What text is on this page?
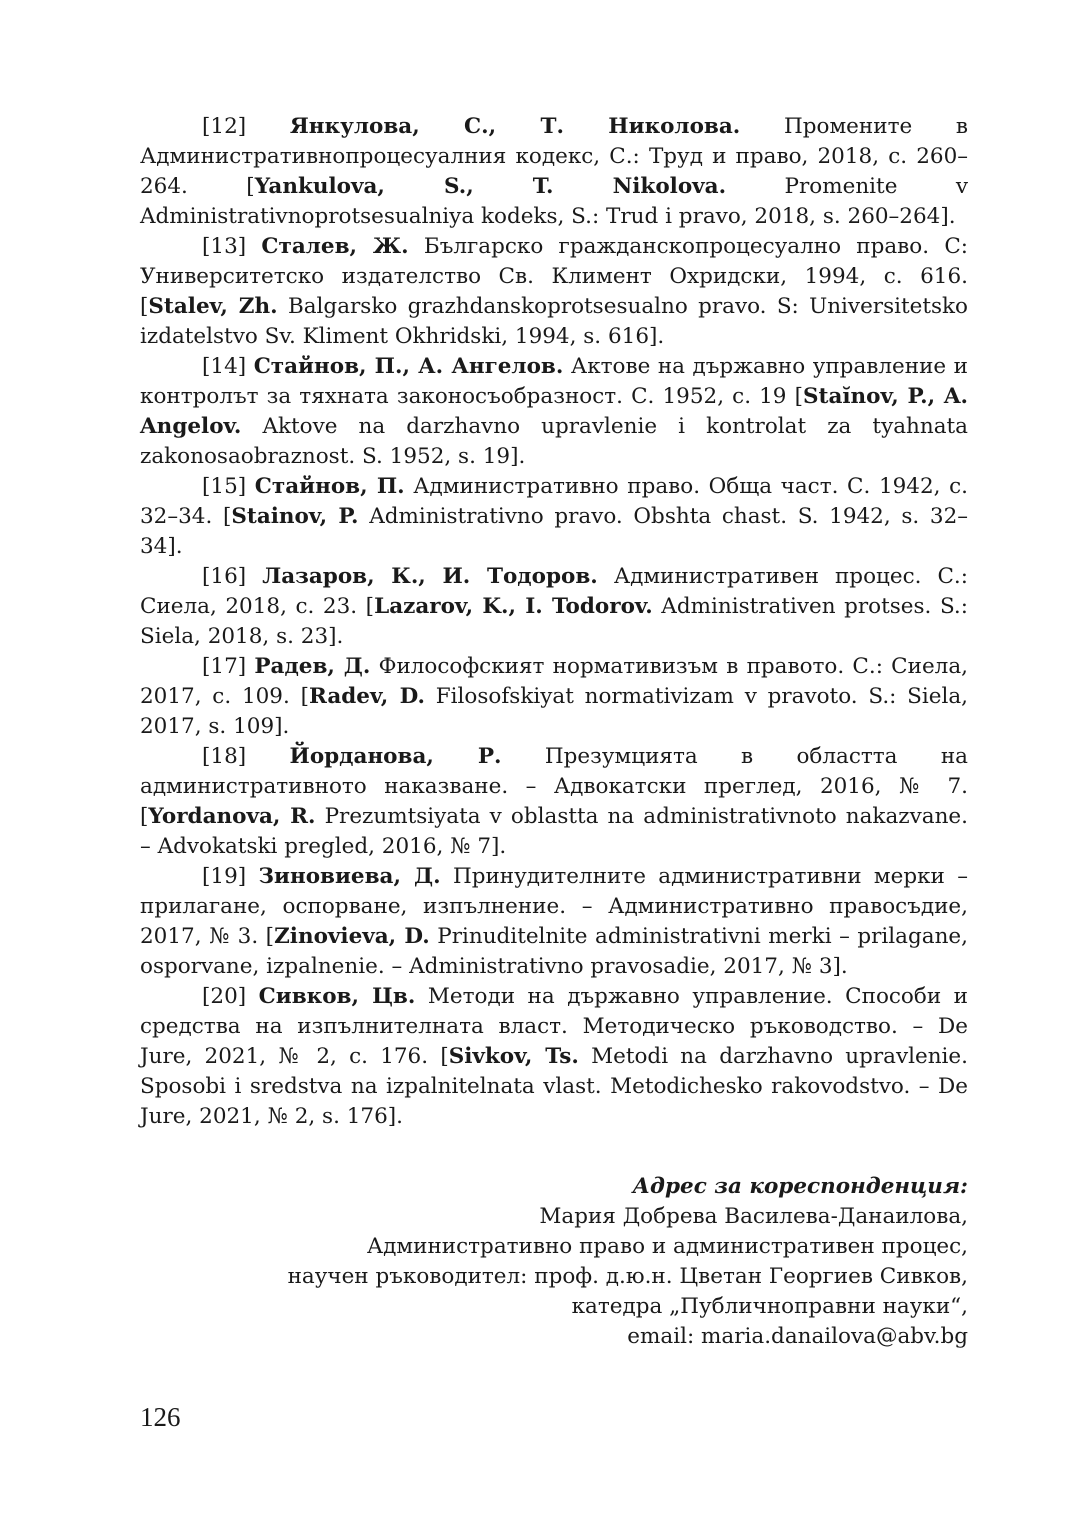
[12] Янкулова, С., Т. Николова. Промените в Административнопроцесуалния кодекс, С.: Труд и право, 2018, с. 260–264. [Yankulova, S., T. Nikolova.	Promenite v Administrativnoprotsesualniya kodeks, S.: Trud i pravo, 2018, s. 260–264].

[13] Сталев, Ж. Българско гражданскопроцесуално право. С: Университетско издателство Св. Климент Охридски, 1994, с. 616. [Stalev, Zh. Balgarsko grazhdanskoprotsesualno pravo. S: Universitetsko izdatelstvo Sv. Kliment Okhridski, 1994, s. 616].

[14] Стайнов, П., А. Ангелов. Актове на държавно управление и контролът за тяхната законосъобразност. С. 1952, с. 19 [Staĭnov, P., A. Angelov. Aktove na darzhavno upravlenie i kontrolat za tyahnata zakonosaobraznost. S. 1952, s. 19].

[15] Стайнов, П. Административно право. Обща част. С. 1942, с. 32–34. [Stainov, P. Administrativno pravo. Obshta chast. S. 1942, s. 32–34].

[16] Лазаров, К., И. Тодоров. Административен процес. С.: Сиела, 2018, с. 23. [Lazarov, K., I. Todorov. Administrativen protses. S.: Siela, 2018, s. 23].

[17] Радев, Д. Философският нормативизъм в правото. С.: Сиела, 2017, с. 109. [Radev, D. Filosofskiyat normativizam v pravoto. S.: Siela, 2017, s. 109].

[18] Йорданова, Р. Презумцията в областта на административното наказване. – Адвокатски преглед, 2016, № 7. [Yordanova, R. Prezumtsiyata v oblastta na administrativnoto nakazvane. – Advokatski pregled, 2016, № 7].

[19] Зиновиева, Д. Принудителните административни мерки – прилагане, оспорване, изпълнение. – Административно правосъдие, 2017, № 3. [Zinovieva, D. Prinuditelnite administrativni merki – prilagane, osporvane, izpalnenie. – Administrativno pravosadie, 2017, № 3].

[20] Сивков, Цв. Методи на държавно управление. Способи и средства на изпълнителната власт. Методическо ръководство. – De Jure, 2021, № 2, с. 176. [Sivkov, Ts. Metodi na darzhavno upravlenie. Sposobi i sredstva na izpalnitelnata vlast. Metodichesko rakovodstvo. – De Jure, 2021, № 2, s. 176].

Адрес за кореспонденция:
Мария Добрева Василева-Данаилова,
Административно право и административен процес,
научен ръководител: проф. д.ю.н. Цветан Георгиев Сивков,
катедра „Публичноправни науки“,
email: maria.danailova@abv.bg
126
